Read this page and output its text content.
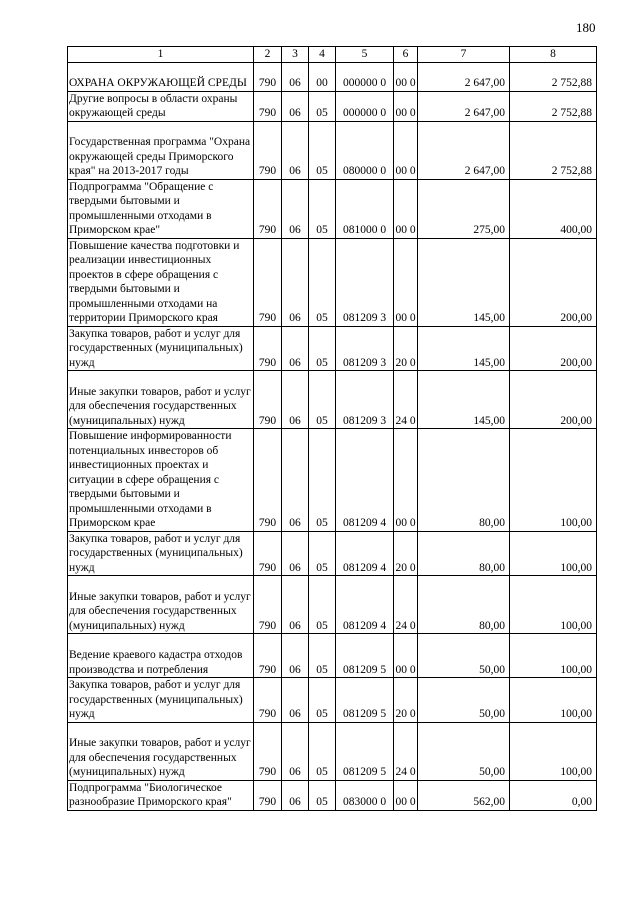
180
1	2	3	4	5	6	7	8
ОХРАНА ОКРУЖАЮЩЕЙ СРЕДЫ	790	06	00	000000 0	00 0	2 647,00	2 752,88
Другие вопросы в области охраны окружающей среды	790	06	05	000000 0	00 0	2 647,00	2 752,88
Государственная программа "Охрана окружающей среды Приморского края" на 2013-2017 годы	790	06	05	080000 0	00 0	2 647,00	2 752,88
Подпрограмма "Обращение с твердыми бытовыми и промышленными отходами в Приморском крае"	790	06	05	081000 0	00 0	275,00	400,00
Повышение качества подготовки и реализации инвестиционных проектов в сфере обращения с твердыми бытовыми и промышленными отходами на территории Приморского края	790	06	05	081209 3	00 0	145,00	200,00
Закупка товаров, работ и услуг для государственных (муниципальных) нужд	790	06	05	081209 3	20 0	145,00	200,00
Иные закупки товаров, работ и услуг для обеспечения государственных (муниципальных) нужд	790	06	05	081209 3	24 0	145,00	200,00
Повышение информированности потенциальных инвесторов об инвестиционных проектах и ситуации в сфере обращения с твердыми бытовыми и промышленными отходами в Приморском крае	790	06	05	081209 4	00 0	80,00	100,00
Закупка товаров, работ и услуг для государственных (муниципальных) нужд	790	06	05	081209 4	20 0	80,00	100,00
Иные закупки товаров, работ и услуг для обеспечения государственных (муниципальных) нужд	790	06	05	081209 4	24 0	80,00	100,00
Ведение краевого кадастра отходов производства и потребления	790	06	05	081209 5	00 0	50,00	100,00
Закупка товаров, работ и услуг для государственных (муниципальных) нужд	790	06	05	081209 5	20 0	50,00	100,00
Иные закупки товаров, работ и услуг для обеспечения государственных (муниципальных) нужд	790	06	05	081209 5	24 0	50,00	100,00
Подпрограмма "Биологическое разнообразие Приморского края"	790	06	05	083000 0	00 0	562,00	0,00
